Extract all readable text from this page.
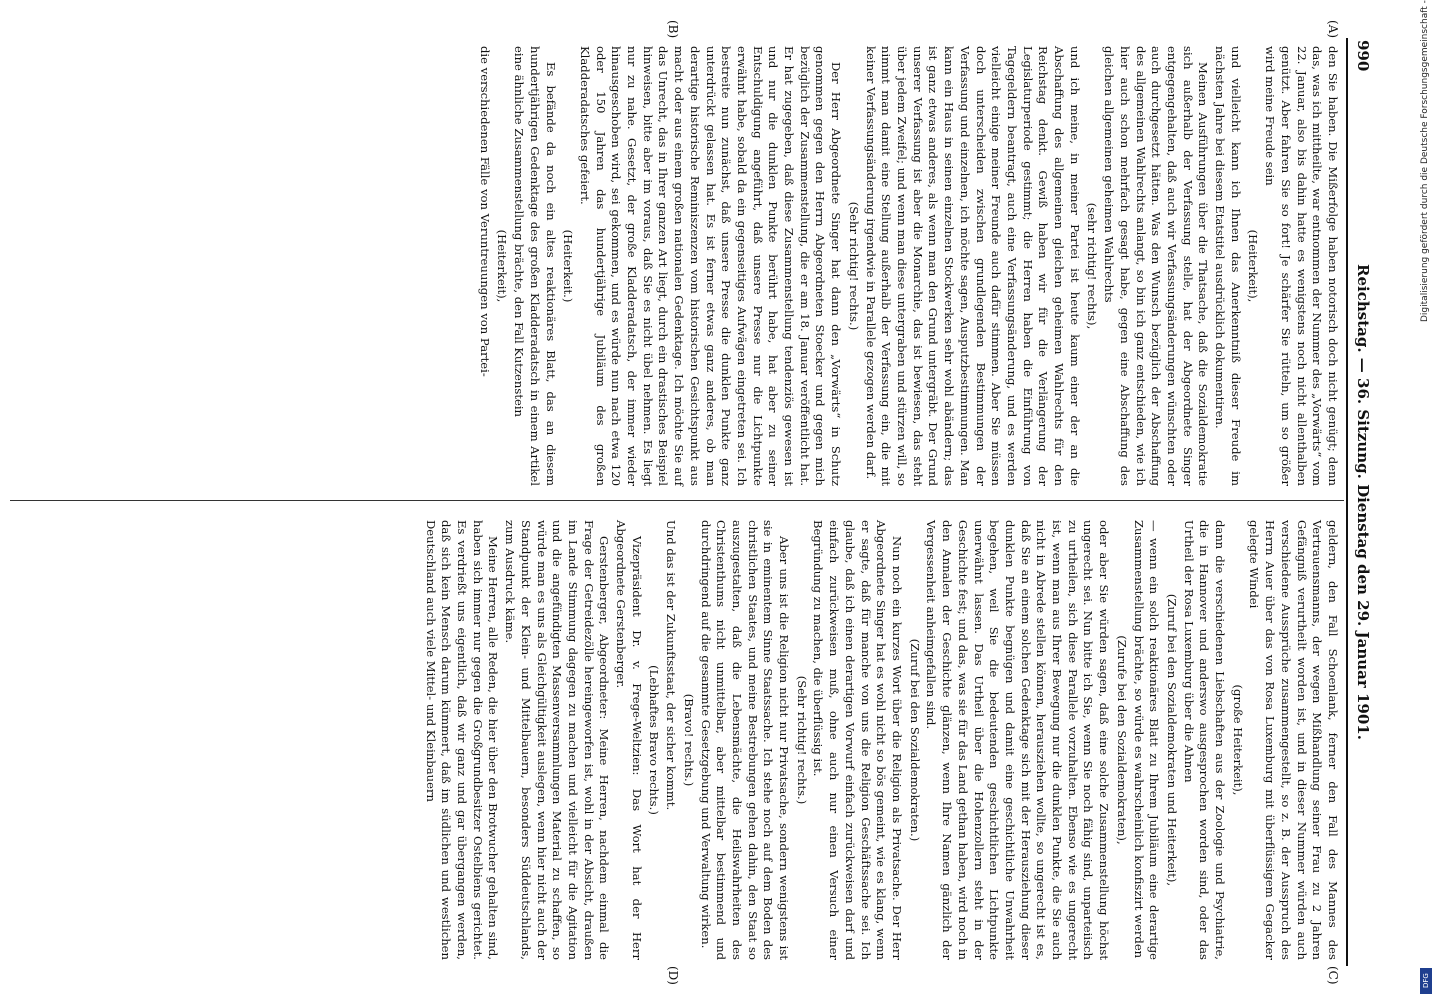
990
Reichstag. — 36. Sitzung. Dienstag den 29. Januar 1901.
(A)
(B)
(C)
(D)

den Sie haben. Die Mißerfolge haben notorisch doch nicht genügt; denn das, was ich mittheilte, war entnommen der Nummer des „Vorwärts“ vom 22. Januar, also bis dahin hatte es wenigstens noch nicht allenthalben genützt. Aber fahren Sie so fort! Je schärfer Sie rütteln, um so größer wird meine Freude sein

(Heiterkeit),

und vielleicht kann ich Ihnen das Anerkenntniß dieser Freude im nächsten Jahre bei diesem Etatstitel ausdrücklich dokumentiren.

Meinen Ausführungen über die Thatsache, daß die Sozialdemokratie sich außerhalb der Verfassung stelle, hat der Abgeordnete Singer entgegengehalten, daß auch wir Verfassungsänderungen wünschten oder auch durchgesetzt hätten. Was den Wunsch bezüglich der Abschaffung des allgemeinen Wahlrechts anlangt, so bin ich ganz entschieden, wie ich hier auch schon mehrfach gesagt habe, gegen eine Abschaffung des gleichen allgemeinen geheimen Wahlrechts

(sehr richtig! rechts),

und ich meine, in meiner Partei ist heute kaum einer der an die Abschaffung des allgemeinen gleichen geheimen Wahlrechts für den Reichstag denkt. Gewiß haben wir für die Verlängerung der Legislaturperiode gestimmt; die Herren haben die Einführung von Tagegeldern beantragt, auch eine Verfassungsänderung, und es werden vielleicht einige meiner Freunde auch dafür stimmen. Aber Sie müssen doch unterscheiden zwischen grundlegenden Bestimmungen der Verfassung und einzelnen, ich möchte sagen, Ausputzbestimmungen. Man kann ein Haus in seinen einzelnen Stockwerken sehr wohl abändern; das ist ganz etwas anderes, als wenn man den Grund untergräbt. Der Grund unserer Verfassung ist aber die Monarchie, das ist bewiesen, das steht über jedem Zweifel; und wenn man diese untergraben und stürzen will, so nimmt man damit eine Stellung außerhalb der Verfassung ein, die mit keiner Verfassungsänderung irgendwie in Parallele gezogen werden darf.

(Sehr richtig! rechts.)

Der Herr Abgeordnete Singer hat dann den „Vorwärts“ in Schutz genommen gegen den Herrn Abgeordneten Stoecker und gegen mich bezüglich der Zusammenstellung, die er am 18. Januar veröffentlicht hat. Er hat zugegeben, daß diese Zusammenstellung tendenziös gewesen ist und nur die dunklen Punkte berührt habe, hat aber zu seiner Entschuldigung angeführt, daß unsere Presse nur die Lichtpunkte erwähnt habe, sobald da ein gegenseitiges Aufwägen eingetreten sei. Ich bestreite nun zunächst, daß unsere Presse die dunklen Punkte ganz unterdrückt gelassen hat. Es ist ferner etwas ganz anderes, ob man derartige historische Reminiszenzen vom historischen Gesichtspunkt aus macht oder aus einem großen nationalen Gedenktage. Ich möchte Sie auf das Unrecht, das in Ihrer ganzen Art liegt, durch ein drastisches Beispiel hinweisen, bitte aber im voraus, daß Sie es nicht übel nehmen. Es liegt nur zu nahe. Gesetzt, der große Kladderadatsch, der immer wieder hinausgeschoben wird, sei gekommen, und es würde nun nach etwa 120 oder 150 Jahren das hundertjährige Jubiläum des großen Kladderadatsches gefeiert.

(Heiterkeit.)

Es befände da noch ein altes reaktionäres Blatt, das an diesem hundertjährigen Gedenktage des großen Kladderadatsch in einem Artikel eine ähnliche Zusammenstellung brächte, den Fall Kutzenstein

(Heiterkeit),

die verschiedenen Fälle von Veruntreuungen von Partei-

geldern, den Fall Schoenlank, ferner den Fall des Mannes des Vertrauensmanns, der wegen Mißhandlung seiner Frau zu 2 Jahren Gefängniß verurtheilt worden ist, und in dieser Nummer würden auch verschiedene Aussprüche zusammengestellt, so z. B. der Ausspruch des Herrn Auer über das von Rosa Luxemburg mit überflüssigem Gegacker gelegte Windei

(große Heiterkeit),

dann die verschiedenen Liebschaften aus der Zoologie und Psychiatrie, die in Hannover und anderswo ausgesprochen worden sind, oder das Urtheil der Rosa Luxemburg über die Ahnen

(Zuruf bei den Sozialdemokraten und Heiterkeit),

— wenn ein solch reaktionäres Blatt zu Ihrem Jubiläum eine derartige Zusammenstellung brächte, so würde es wahrscheinlich konfiszirt werden

(Zurufe bei den Sozialdemokraten),

oder aber Sie würden sagen, daß eine solche Zusammenstellung höchst ungerecht sei. Nun bitte ich Sie, wenn Sie noch fähig sind, unparteiisch zu urtheilen, sich diese Parallele vorzuhalten. Ebenso wie es ungerecht ist, wenn man aus Ihrer Bewegung nur die dunklen Punkte, die Sie auch nicht in Abrede stellen können, herausziehen wollte, so ungerecht ist es, daß Sie an einem solchen Gedenktage sich mit der Herausziehung dieser dunklen Punkte begnügen und damit eine geschichtliche Unwahrheit begehen, weil Sie die bedeutenden geschichtlichen Lichtpunkte unerwähnt lassen. Das Urtheil über die Hohenzollern steht in der Geschichte fest; und das, was sie für das Land gethan haben, wird noch in den Annalen der Geschichte glänzen, wenn Ihre Namen gänzlich der Vergessenheit anheimgefallen sind.

(Zuruf bei den Sozialdemokraten.)

Nun noch ein kurzes Wort über die Religion als Privatsache. Der Herr Abgeordnete Singer hat es wohl nicht so bös gemeint, wie es klang, wenn er sagte, daß für manche von uns die Religion Geschäftssache sei. Ich glaube, daß ich einen derartigen Vorwurf einfach zurückweisen darf und einfach zurückweisen muß, ohne auch nur einen Versuch einer Begründung zu machen, die überflüssig ist.

(Sehr richtig! rechts.)

Aber uns ist die Religion nicht nur Privatsache, sondern wenigstens ist sie in eminentem Sinne Staatssache. Ich stehe noch auf dem Boden des christlichen Staates, und meine Bestrebungen gehen dahin, den Staat so auszugestalten, daß die Lebensmächte, die Heilswahrheiten des Christenthums nicht unmittelbar, aber mittelbar bestimmend und durchdringend auf die gesammte Gesetzgebung und Verwaltung wirken.

(Bravo! rechts.)

Und das ist der Zukunftsstaat, der sicher kommt.

(Lebhaftes Bravo rechts.)

Vizepräsident Dr. v. Frege-Weltzien: Das Wort hat der Herr Abgeordnete Gerstenberger.

Gerstenberger, Abgeordneter: Meine Herren, nachdem einmal die Frage der Getreidezölle hereingeworfen ist, wohl in der Absicht, draußen im Lande Stimmung dagegen zu machen und vielleicht für die Agitation und die angefündigten Massenversammlungen Material zu schaffen, so würde man es uns als Gleichgültigkeit auslegen, wenn hier nicht auch der Standpunkt der Klein- und Mittelbauern, besonders Süddeutschlands, zum Ausdruck käme.

Meine Herren, alle Reden, die hier über den Brotwucher gehalten sind, haben sich immer nur gegen die Großgrundbesitzer Ostelbiens gerichtet. Es verdrießt uns eigentlich, daß wir ganz und gar übergangen werden, daß sich kein Mensch darum kümmert, daß im südlichen und westlichen Deutschland auch viele Mittel- und Kleinbauern

Digitalisierung gefördert durch die Deutsche Forschungsgemeinschaft -
DFG
